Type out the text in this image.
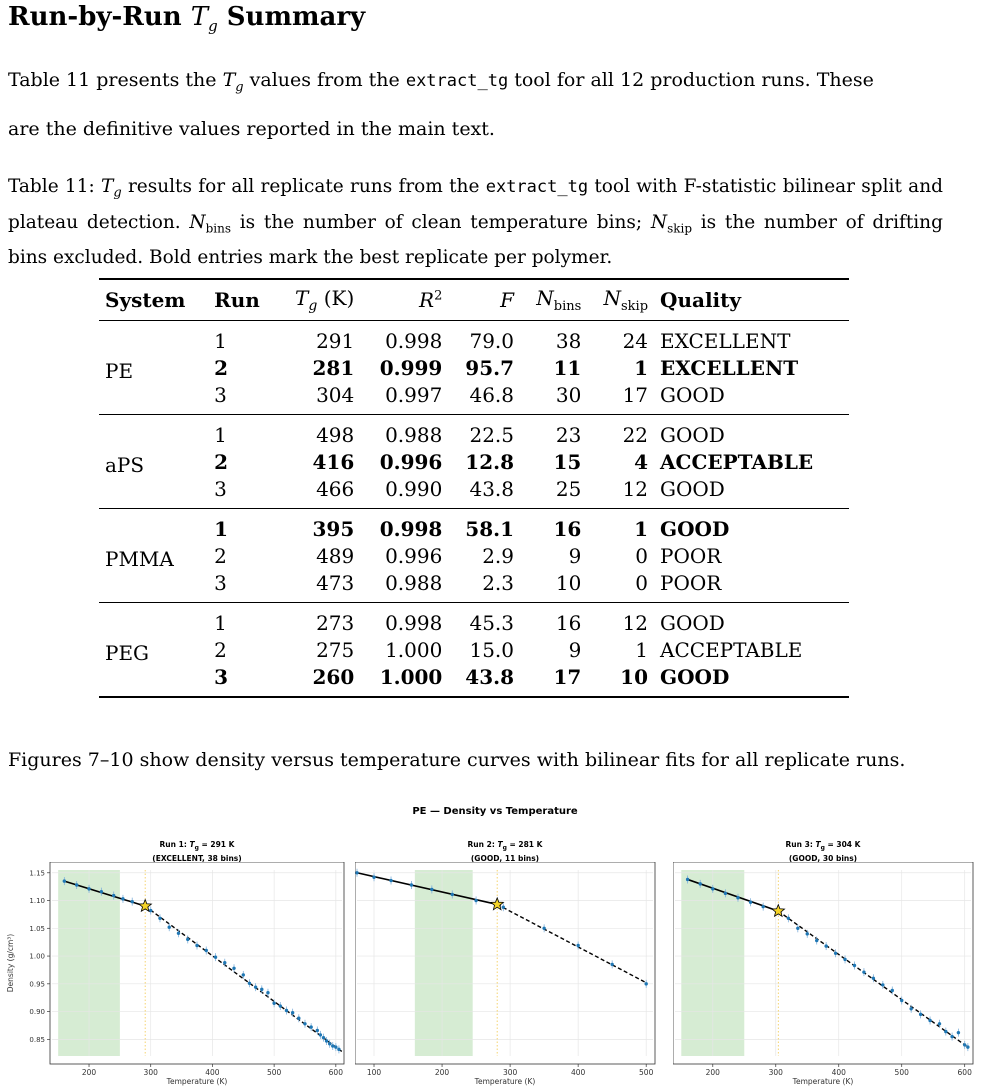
Run-by-Run $T_g$ Summary

Table 11 presents the $T_g$ values from the extract_tg tool for all 12 production runs. These

are the definitive values reported in the main text.

Table 11: $T_g$ results for all replicate runs from the extract_tg tool with F-statistic bilinear split and plateau detection. $N_{bins}$ is the number of clean temperature bins; $N_{skip}$ is the number of drifting bins excluded. Bold entries mark the best replicate per polymer.

System	Run	$T_g$ (K)	$R^2$	F	$N_{bins}$	$N_{skip}$	Quality
PE	1	291	0.998	79.0	38	24	EXCELLENT
	2	281	0.999	95.7	11	1	EXCELLENT
	3	304	0.997	46.8	30	17	GOOD
aPS	1	498	0.988	22.5	23	22	GOOD
	2	416	0.996	12.8	15	4	ACCEPTABLE
	3	466	0.990	43.8	25	12	GOOD
PMMA	1	395	0.998	58.1	16	1	GOOD
	2	489	0.996	2.9	9	0	POOR
	3	473	0.988	2.3	10	0	POOR
PEG	1	273	0.998	45.3	16	12	GOOD
	2	275	1.000	15.0	9	1	ACCEPTABLE
	3	260	1.000	43.8	17	10	GOOD

Figures 7–10 show density versus temperature curves with bilinear fits for all replicate runs.

PE — Density vs Temperature
Run 1: $T_g = 291$ K
(EXCELLENT, 38 bins)
200	300	400	500	600
Temperature (K)
0.85
0.90
0.95
1.00
1.05
1.10
1.15
Density (g/cm³)
Run 2: $T_g = 281$ K
(GOOD, 11 bins)
100	200	300	400	500
Temperature (K)
Run 3: $T_g = 304$ K
(GOOD, 30 bins)
200	300	400	500	600
Temperature (K)
